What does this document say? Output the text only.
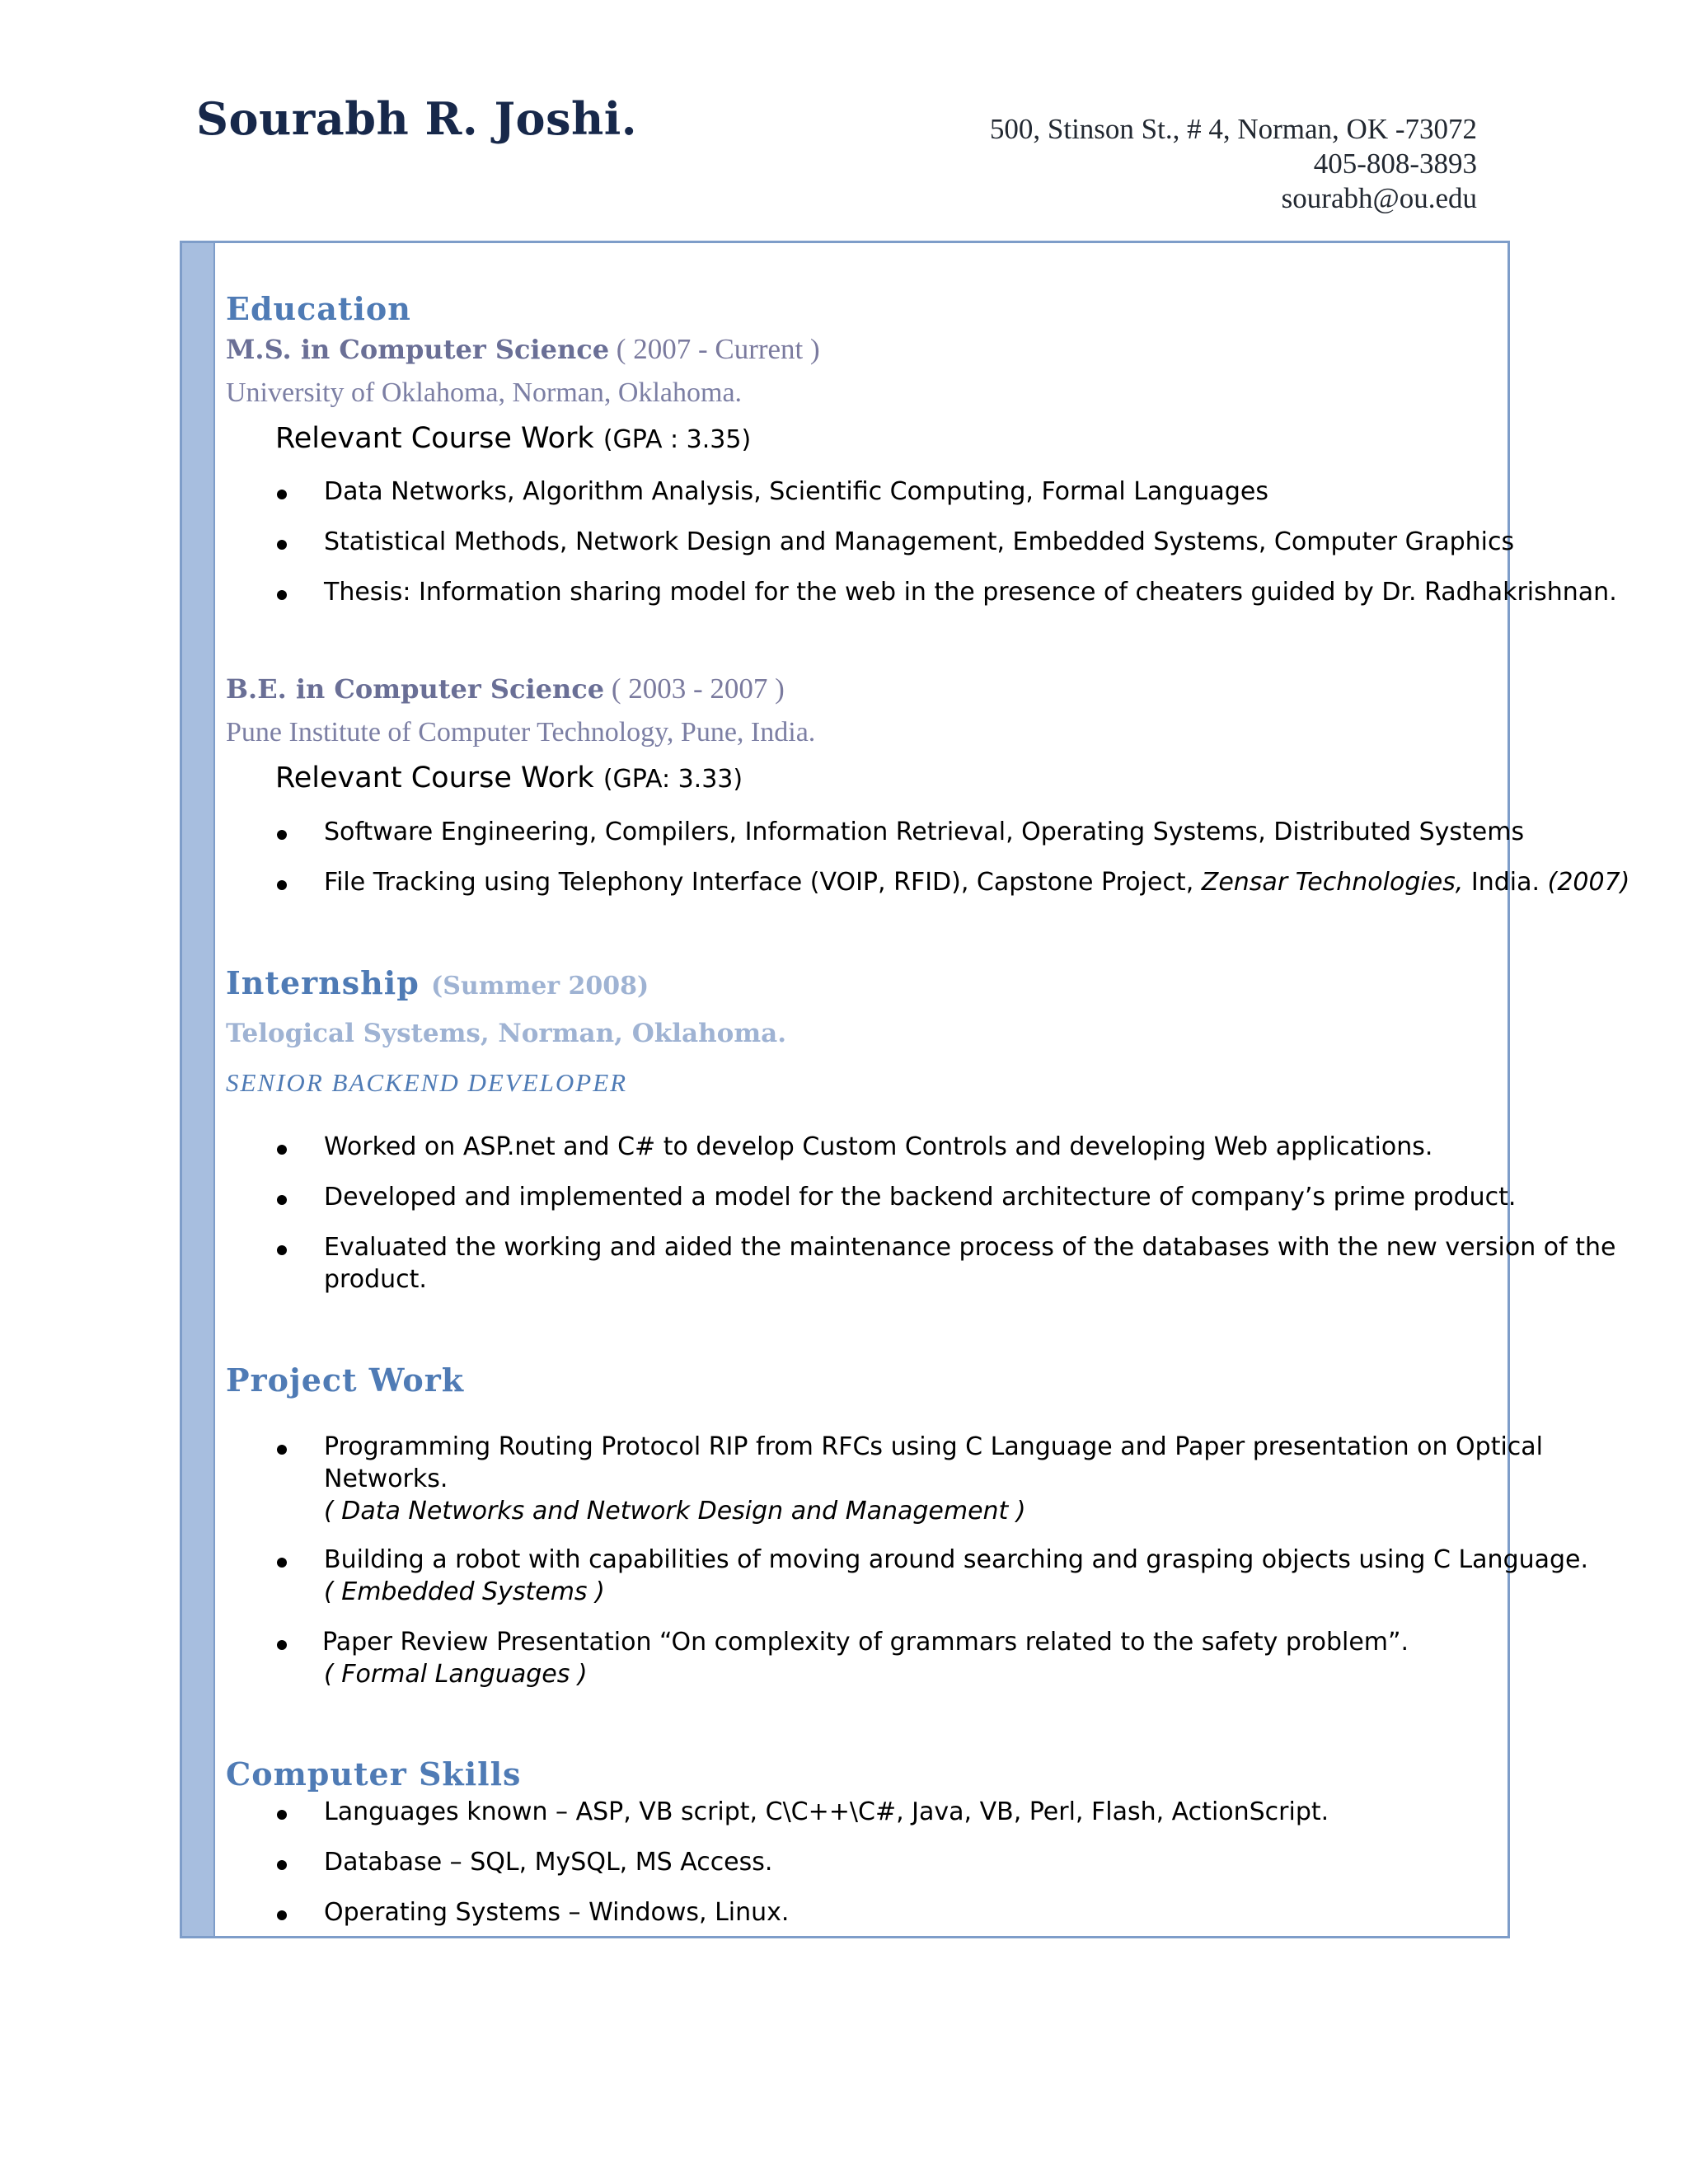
Sourabh R. Joshi.	500, Stinson St., # 4, Norman, OK -73072
405-808-3893
sourabh@ou.edu
Education
M.S. in Computer Science ( 2007 - Current )
University of Oklahoma, Norman, Oklahoma.
Relevant Course Work (GPA : 3.35)

Data Networks, Algorithm Analysis, Scientific Computing, Formal Languages

Statistical Methods, Network Design and Management, Embedded Systems, Computer Graphics

Thesis: Information sharing model for the web in the presence of cheaters guided by Dr. Radhakrishnan.

B.E. in Computer Science ( 2003 - 2007 )
Pune Institute of Computer Technology, Pune, India.
Relevant Course Work (GPA: 3.33)

Software Engineering, Compilers, Information Retrieval, Operating Systems, Distributed Systems

File Tracking using Telephony Interface (VOIP, RFID), Capstone Project, Zensar Technologies, India. (2007)

Internship (Summer 2008)
Telogical Systems, Norman, Oklahoma.
SENIOR BACKEND DEVELOPER

Worked on ASP.net and C# to develop Custom Controls and developing Web applications.

Developed and implemented a model for the backend architecture of company’s prime product.

Evaluated the working and aided the maintenance process of the databases with the new version of the

product.

Project Work

Programming Routing Protocol RIP from RFCs using C Language and Paper presentation on Optical

Networks.

( Data Networks and Network Design and Management )

Building a robot with capabilities of moving around searching and grasping objects using C Language.

( Embedded Systems )

Paper Review Presentation “On complexity of grammars related to the safety problem”.

( Formal Languages )

Computer Skills

Languages known – ASP, VB script, C\C++\C#, Java, VB, Perl, Flash, ActionScript.

Database – SQL, MySQL, MS Access.

Operating Systems – Windows, Linux.
